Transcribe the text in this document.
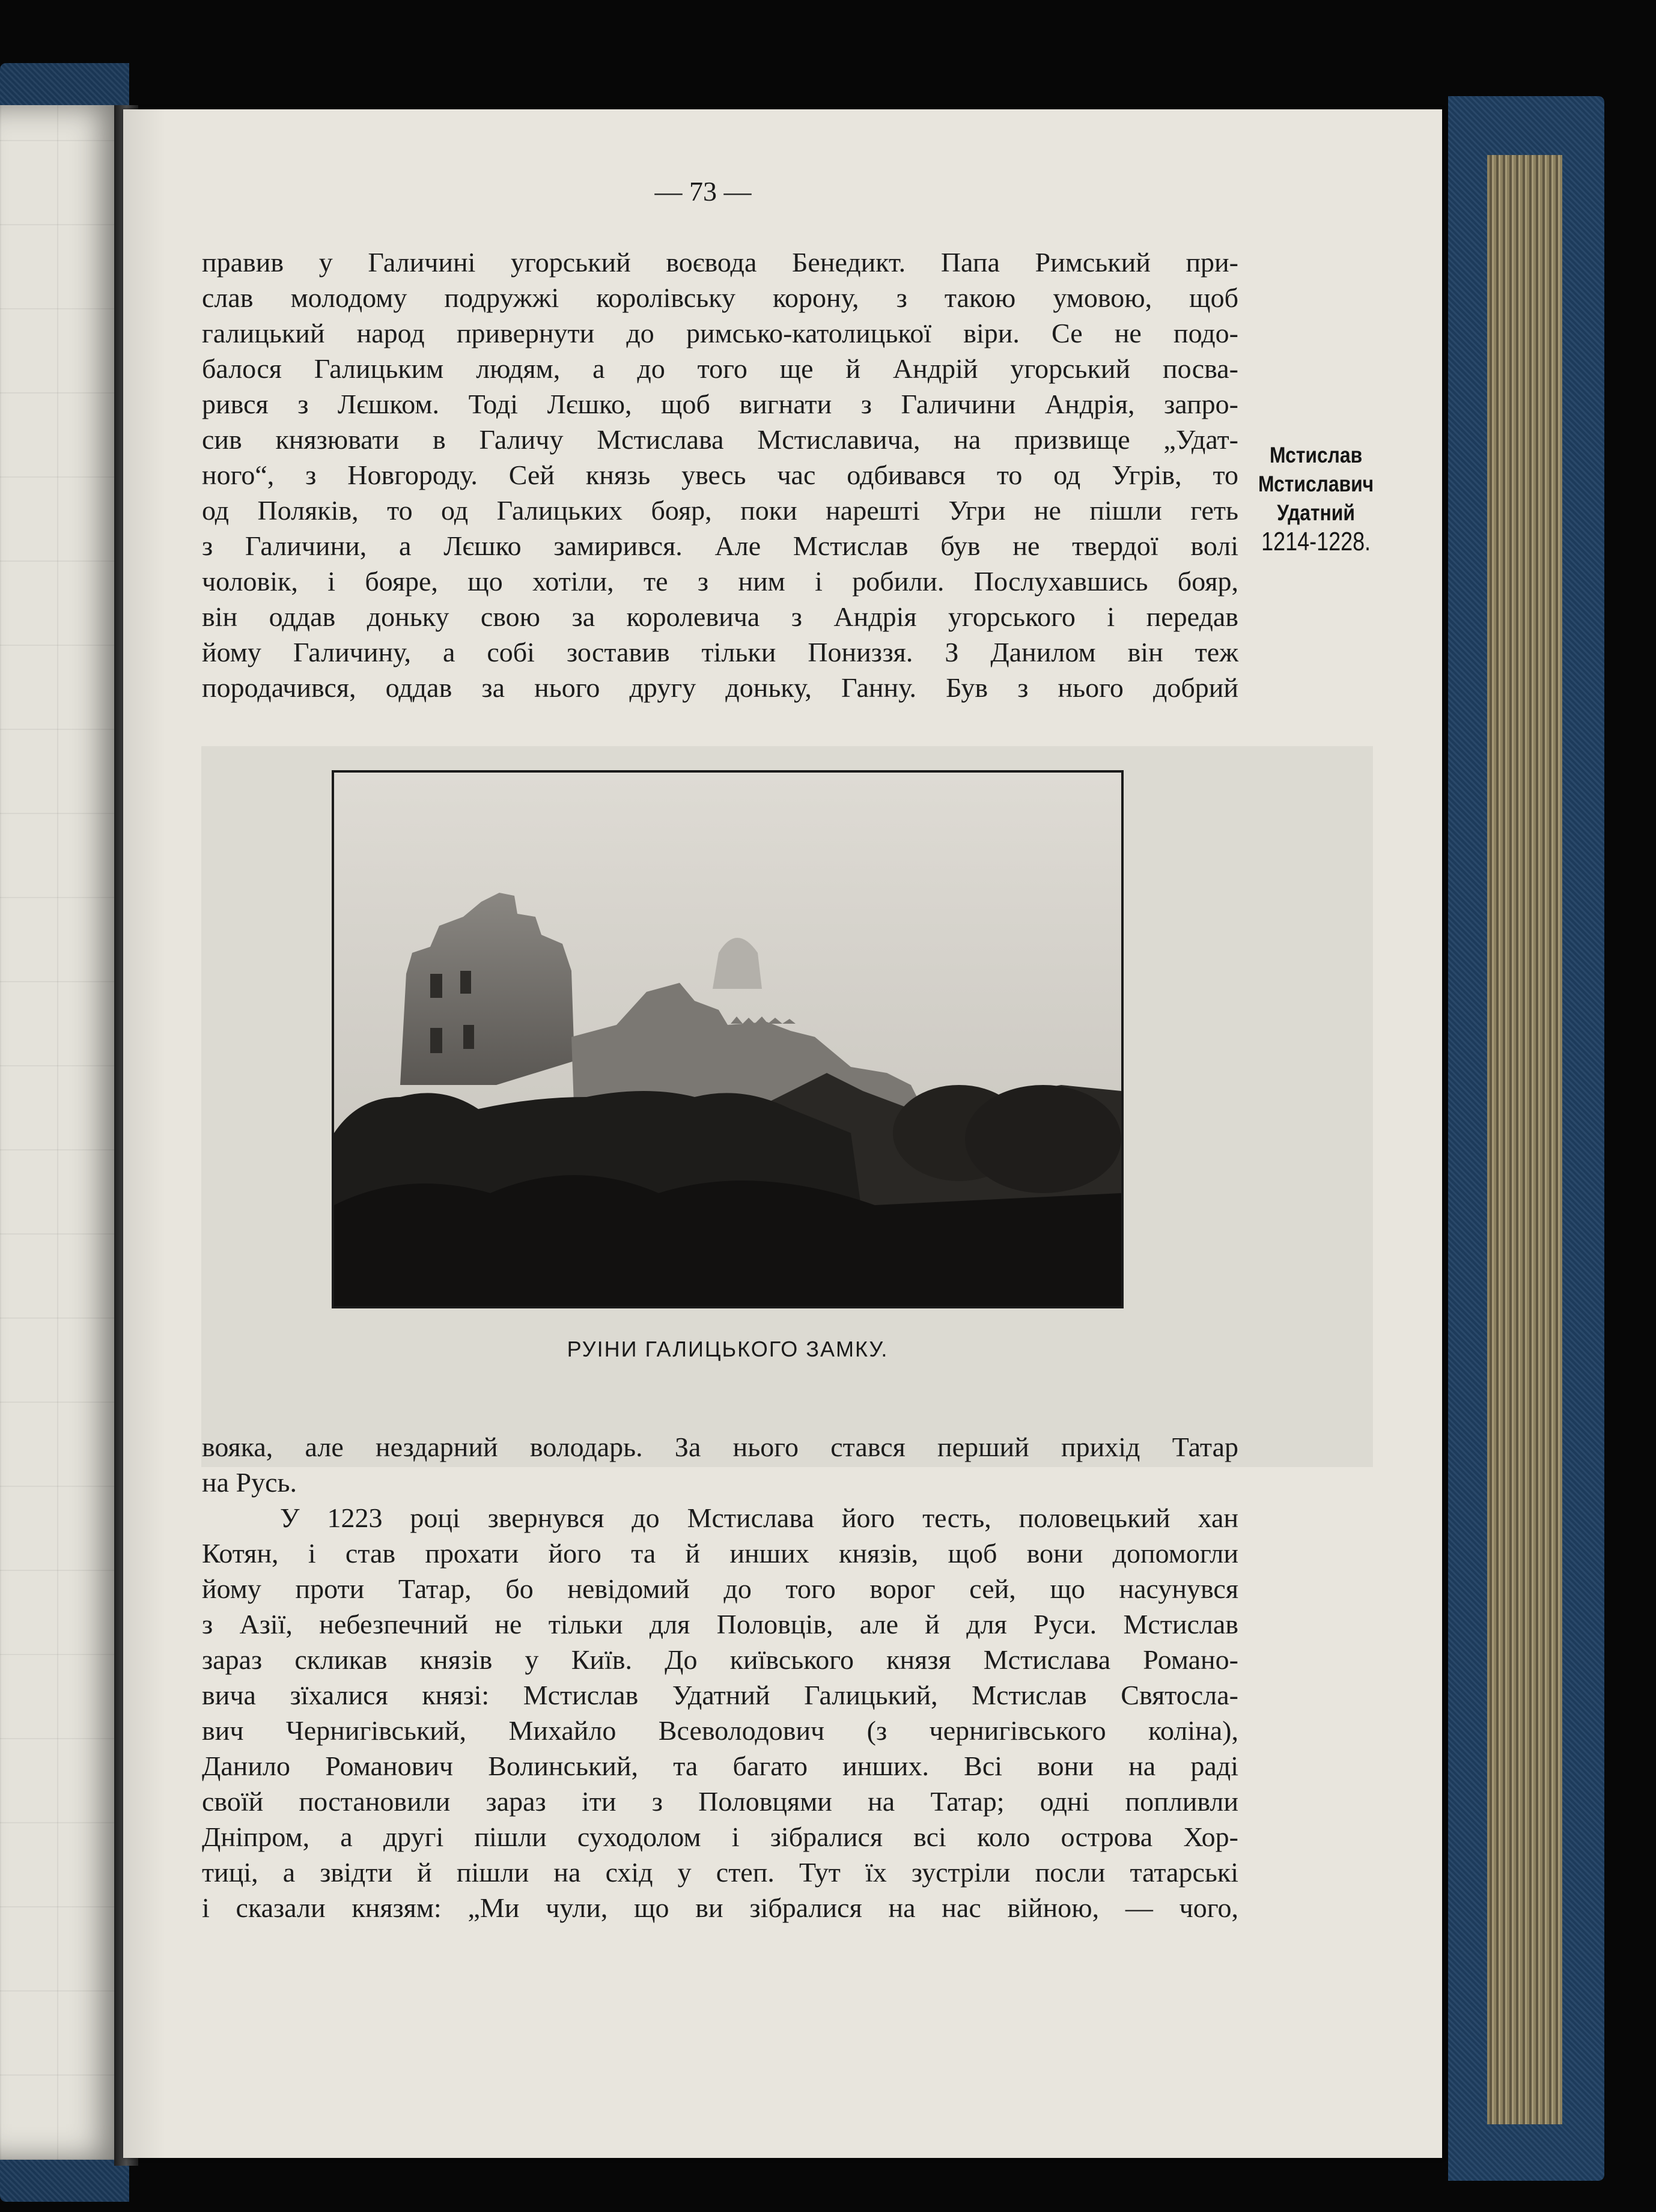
— 73 —
правив у Галичині угорський воєвода Бенедикт. Папа Римський при-
слав молодому подружжі королівську корону, з такою умовою, щоб
галицький народ привернути до римсько-католицької віри. Се не подо-
балося Галицьким людям, а до того ще й Андрій угорський посва-
рився з Лєшком. Тоді Лєшко, щоб вигнати з Галичини Андрія, запро-
сив князювати в Галичу Мстислава Мстиславича, на призвище „Удат-
ного“, з Новгороду. Сей князь увесь час одбивався то од Угрів, то
од Поляків, то од Галицьких бояр, поки нарешті Угри не пішли геть
з Галичини, а Лєшко замирився. Але Мстислав був не твердої волі
чоловік, і бояре, що хотіли, те з ним і робили. Послухавшись бояр,
він оддав доньку свою за королевича з Андрія угорського і передав
йому Галичину, а собі зоставив тільки Пониззя. З Данилом він теж
породачився, оддав за нього другу доньку, Ганну. Був з нього добрий
Мстислав
Мстиславич
Удатний
1214-1228.
РУІНИ ГАЛИЦЬКОГО ЗАМКУ.
вояка, але нездарний володарь. За нього стався перший прихід Татар
на Русь.
У 1223 році звернувся до Мстислава його тесть, половецький хан
Котян, і став прохати його та й инших князів, щоб вони допомогли
йому проти Татар, бо невідомий до того ворог сей, що насунувся
з Азії, небезпечний не тільки для Половців, але й для Руси. Мстислав
зараз скликав князів у Київ. До київського князя Мстислава Романо-
вича зїхалися князі: Мстислав Удатний Галицький, Мстислав Святосла-
вич Чернигівський, Михайло Всеволодович (з чернигівського коліна),
Данило Романович Волинський, та багато инших. Всі вони на раді
своїй постановили зараз іти з Половцями на Татар; одні попливли
Дніпром, а другі пішли суходолом і зібралися всі коло острова Хор-
тиці, а звідти й пішли на схід у степ. Тут їх зустріли посли татарські
і сказали князям: „Ми чули, що ви зібралися на нас війною, — чого,
